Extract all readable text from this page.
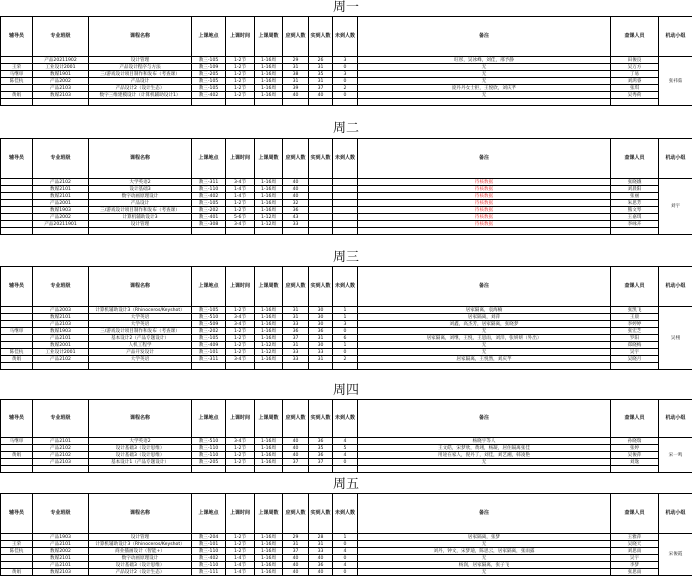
周一
辅导员	专业班级	课程名称	上课地点	上课时间	上课周数	应到人数	实到人数	未到人数	备注	查课人员	机动小组
	产品20211902	设计管理	教三-105	1-2节	1-16周	29	26	3	旺彤，吴冰峰，刘佳，邢予静	田俊良	张祎茹
王荣	工业设计2001	产品设计程序与方法	教三-109	1-2节	1-16周	31	31	0	无	吴万方	
马继审	数媒1901	三/游戏设计项目制作和发布（考查课）	教三-205	1-2节	1-16周	38	35	3	无	丁易	
陈佳杭	产品2002	产品设计	教三-105	1-2节	1-16周	31	31	0	无	刘鸿睿	
	产品2103	产品设计2（设计生态）	教三-105	1-2节	1-16周	39	37	2	庞丹丹女士拒，王悦欣，刘庆芊	张琪	
黄娟	数媒2103	数字三维建模设计（计算机辅助设计1）	教三-402	1-2节	1-16周	40	40	0	无	吴秀荷	

周二
辅导员	专业班级	课程名称	上课地点	上课时间	上课周数	应到人数	实到人数	未到人数	备注	查课人员	机动小组
	产品2102	大学英语2	教三-311	3-4节	1-16周	40			待核数据	张晓娥	刘宇
	数媒2101	设计基础3	教三-110	1-4节	1-16周	40			待核数据	刘晨阳	
	数媒2101	数字动画原理设计	教三-402	1-4节	1-16周	40			待核数据	张丽	
	产品2001	产品设计	教三-105	1-2节	1-16周	32			待核数据	朱思芳	
	数媒1903	三/游戏设计项目制作和发布（考查课）	教三-202	1-2节	1-16周	36			待核数据	熊文琴	
	产品2002	计算机辅助设计3	教三-401	5-6节	1-12周	43			待核数据	王嘉琪	
	产品20211901	设计管理	教三-308	3-4节	1-12周	33			待核数据	李咏卉	

周三
辅导员	专业班级	课程名称	上课地点	上课时间	上课周数	应到人数	实到人数	未到人数	备注	查课人员	机动小组
	产品2003	计算机辅助设计3（Rhinoceros/Keyshot）	教三-105	1-2节	1-16周	31	30	1	居家隔离，袁海楠	张凯飞	吴栩
	数媒2101	大学英语	教三-510	3-4节	1-16周	31	30	1	居家隔离，刘萍	王晨	
	产品2103	大学英语	教三-509	3-4节	1-16周	33	30	3	刘鑫，高杰芳，居家隔离，张晓梦	李婷婷	
马继审	数媒1903	三/游戏设计项目制作和发布（考查课）	教三-202	1-2节	1-16周	36	36	0	无	张宏芝	
	产品2101	基本设计2（产品专题设计）	教三-105	1-2节	1-16周	37	31	6	居家隔离，刘继，王悦，王思雨，刘洋，张妍妍（外出）	罗阳	
	数媒2001	人机工程学	教三-409	1-2节	1-12周	31	30	1	无	郑晓梅	
陈佳杭	工业设计2001	产品开发设计	教三-101	1-2节	1-12周	33	33	0	无	吴宇	
黄娟	产品2102	大学英语	教三-311	3-4节	1-16周	33	31	2	居家隔离，王悦然，刘庆芊	吴晓月	

周四
辅导员	专业班级	课程名称	上课地点	上课时间	上课周数	应到人数	实到人数	未到人数	备注	查课人员	机动小组
马继审	产品2101	大学英语2	教三-510	3-4节	1-16周	40	36	4	杨晓宇等人	孙晓瑞	宋一鸣
	产品2102	设计基础3（设计思维）	教三-110	1-2节	1-16周	40	35	5	王文皓，宋梦欣，黄翊，杨凝，居住隔离张佳	张婷	
黄娟	产品2102	设计基础3（设计思维）	教三-110	1-2节	1-16周	40	36	4	用途在家人，倪丹丁，刘佳，刘艺湘，韩凌艳	吴俊萍	
	产品2103	基本设计1（产品专题设计）	教三-205	1-2节	1-16周	37	37	0	无	刘逸	

周五
辅导员	专业班级	课程名称	上课地点	上课时间	上课周数	应到人数	实到人数	未到人数	备注	查课人员	机动小组
	产品1903	设计管理	教三-204	1-2节	1-16周	29	28	1	居家隔离，张梦	王雅萍	宋俊霞
王荣	产品2101	计算机辅助设计3（Rhinoceros/Keyshot）	教三-101	1-2节	1-16周	31	31	0	无	吴晓天	
陈佳杭	数媒2002	商业插画设计（智能+）	教三-110	1-2节	1-16周	37	33	4	刘丹，钟文，宋梦迪，陈思云，居家隔离，张雨露	刘思雨	
	数媒2101	数字动画原理设计	教三-402	1-4节	1-16周	40	40	0	无	吴宇	
	产品2101	设计基础3（设计思维）	教三-110	1-4节	1-16周	40	36	4	杨润，居家隔离，张子飞	李梦	
黄娟	数媒2103	产品设计2（设计生态）	教三-111	1-4节	1-16周	40	40	0	无	张思雨	
